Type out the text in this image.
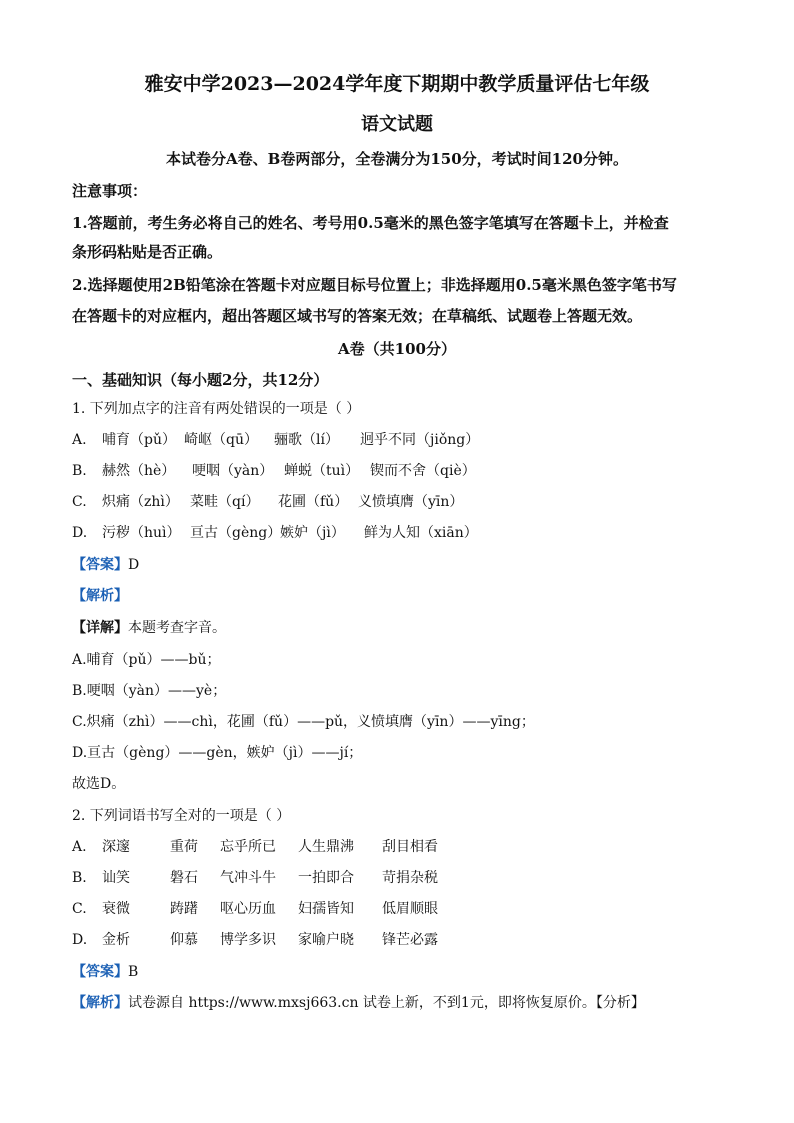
雅安中学2023—2024学年度下期期中教学质量评估七年级
语文试题
本试卷分A卷、B卷两部分，全卷满分为150分，考试时间120分钟。
注意事项：
1.答题前，考生务必将自己的姓名、考号用0.5毫米的黑色签字笔填写在答题卡上，并检查
条形码粘贴是否正确。
2.选择题使用2B铅笔涂在答题卡对应题目标号位置上；非选择题用0.5毫米黑色签字笔书写
在答题卡的对应框内，超出答题区域书写的答案无效；在草稿纸、试题卷上答题无效。
A卷（共100分）
一、基础知识（每小题2分，共12分）
1. 下列加点字的注音有两处错误的一项是（ ）
A. 哺育（pǔ） 崎岖（qū） 骊歌（lí） 迥乎不同（jiǒng）
B. 赫然（hè） 哽咽（yàn） 蝉蜕（tuì） 锲而不舍（qiè）
C. 炽痛（zhì） 菜畦（qí） 花圃（fǔ） 义愤填膺（yīn）
D. 污秽（huì） 亘古（gèng）嫉妒（jì） 鲜为人知（xiān）
【答案】D
【解析】
【详解】本题考查字音。
A.哺育（pǔ）——bǔ；
B.哽咽（yàn）——yè；
C.炽痛（zhì）——chì，花圃（fǔ）——pǔ，义愤填膺（yīn）——yīng；
D.亘古（gèng）——gèn，嫉妒（jì）——jí；
故选D。
2. 下列词语书写全对的一项是（ ）
A. 深邃	重荷 忘乎所已 人生鼎沸 刮目相看
B. 讪笑	磐石 气冲斗牛 一拍即合 苛捐杂税
C. 衰微	踌躇 呕心历血 妇孺皆知 低眉顺眼
D. 金析	仰慕 博学多识 家喻户晓 锋芒必露
【答案】B
【解析】试卷源自 https://www.mxsj663.cn 试卷上新，不到1元，即将恢复原价。【分析】
